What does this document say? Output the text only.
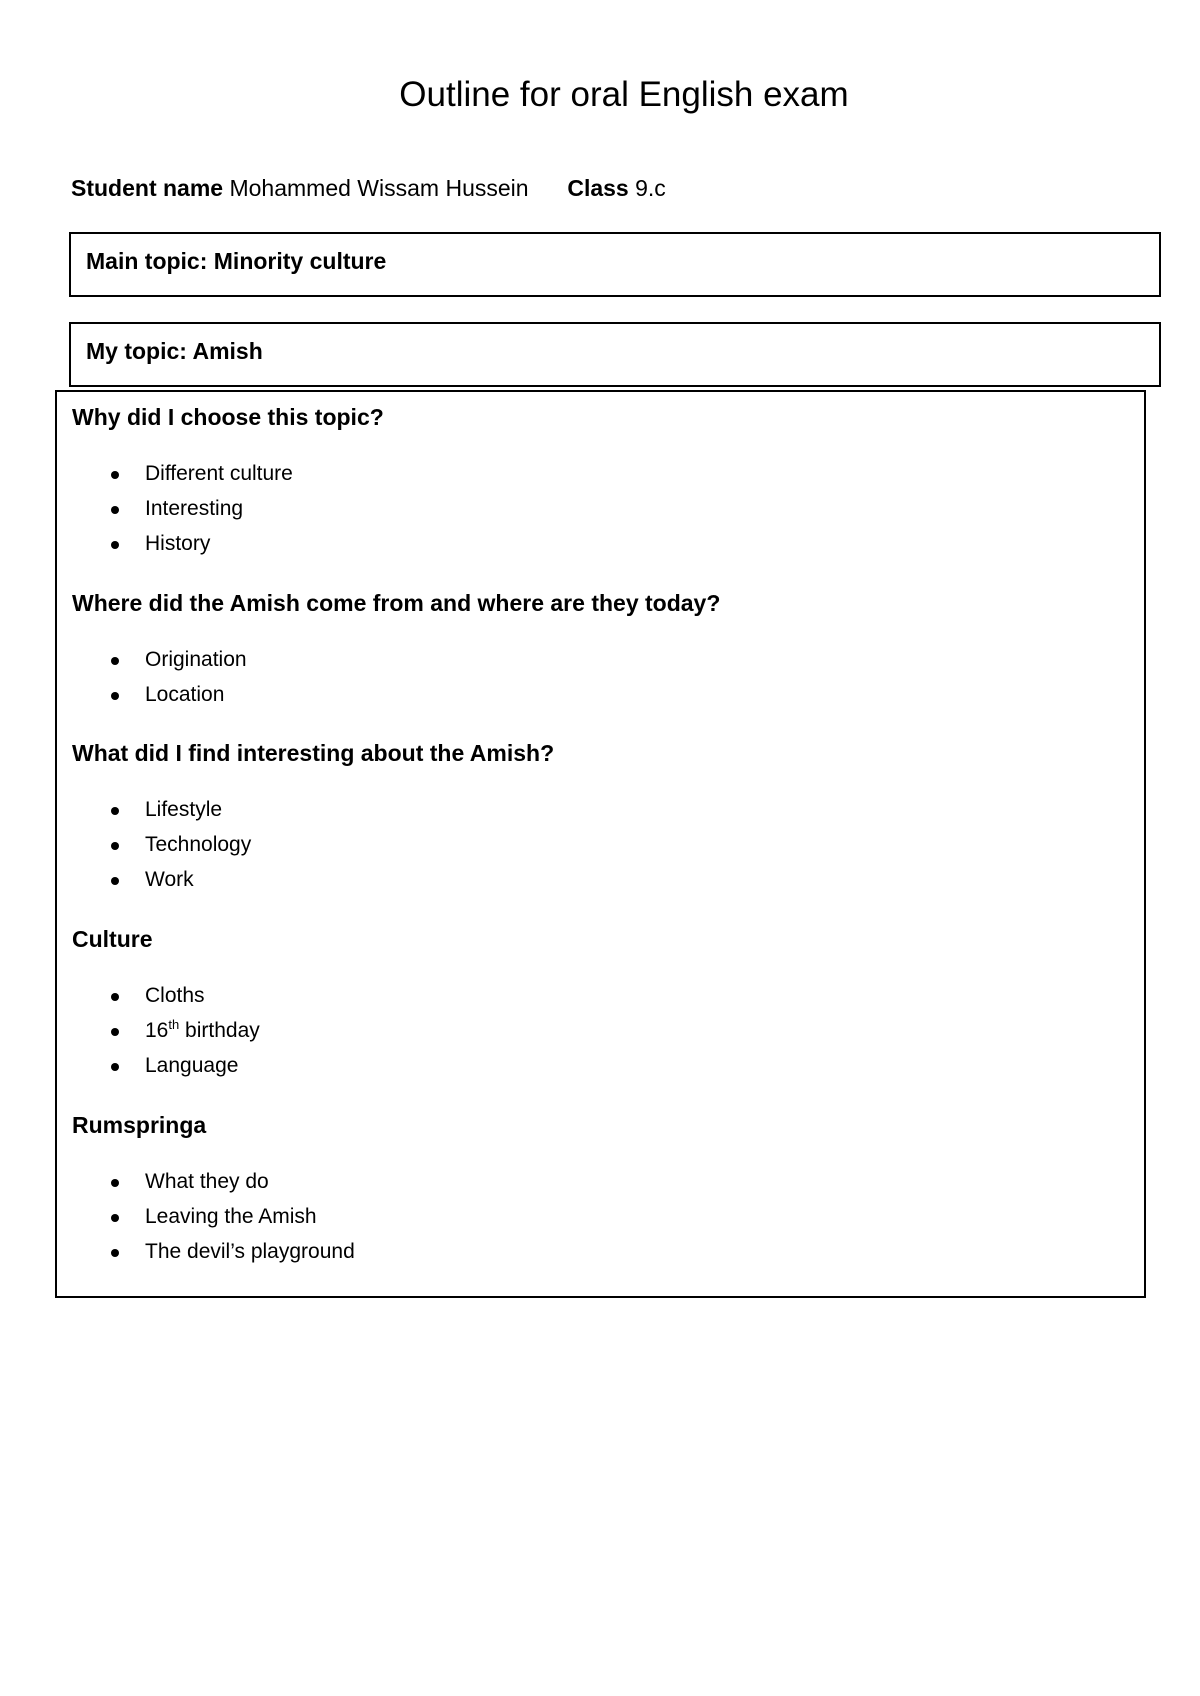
Outline for oral English exam
Student name Mohammed Wissam Hussein Class 9.c
Main topic: Minority culture
My topic: Amish
Why did I choose this topic?
Different culture
Interesting
History
Where did the Amish come from and where are they today?
Origination
Location
What did I find interesting about the Amish?
Lifestyle
Technology
Work
Culture
Cloths
16th birthday
Language
Rumspringa
What they do
Leaving the Amish
The devil’s playground
